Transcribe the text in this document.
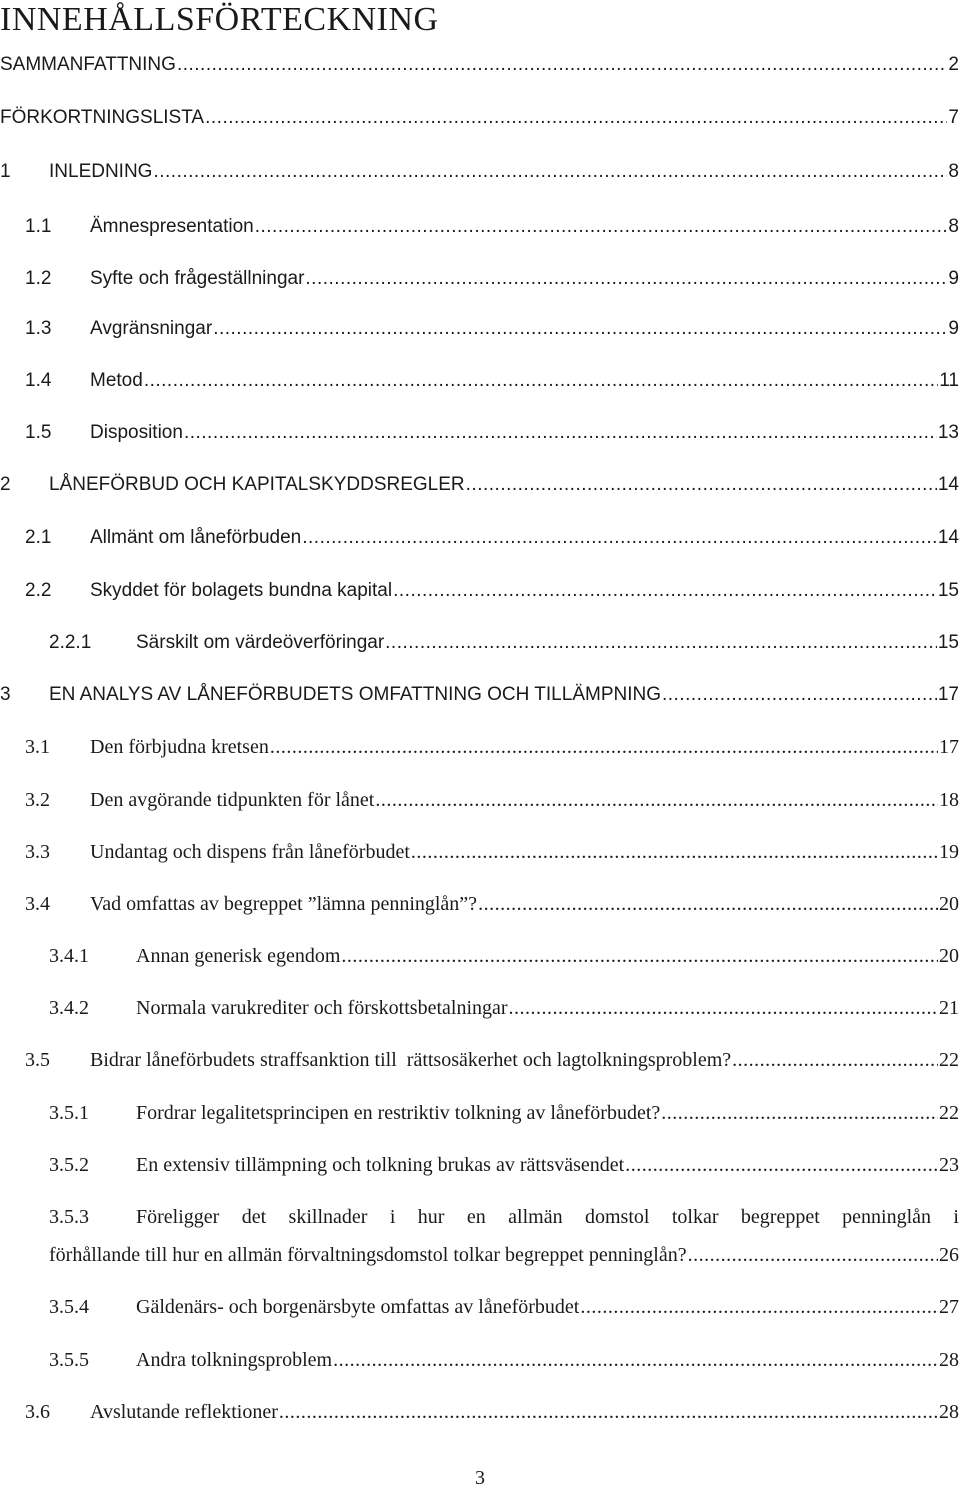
INNEHÅLLSFÖRTECKNING
SAMMANFATTNING .....	2
FÖRKORTNINGSLISTA .....	7
1 INLEDNING .....	8
1.1 Ämnespresentation .....	8
1.2 Syfte och frågeställningar .....	9
1.3 Avgränsningar .....	9
1.4 Metod .....	11
1.5 Disposition .....	13
2 LÅNEFÖRBUD OCH KAPITALSKYDDSREGLER .....	14
2.1 Allmänt om låneförbuden .....	14
2.2 Skyddet för bolagets bundna kapital .....	15
2.2.1 Särskilt om värdeöverföringar .....	15
3 EN ANALYS AV LÅNEFÖRBUDETS OMFATTNING OCH TILLÄMPNING .....	17
3.1 Den förbjudna kretsen .....	17
3.2 Den avgörande tidpunkten för lånet .....	18
3.3 Undantag och dispens från låneförbudet .....	19
3.4 Vad omfattas av begreppet ”lämna penninglån”? .....	20
3.4.1 Annan generisk egendom .....	20
3.4.2 Normala varukrediter och förskottsbetalningar .....	21
3.5 Bidrar låneförbudets straffsanktion till  rättsosäkerhet och lagtolkningsproblem? .....	22
3.5.1 Fordrar legalitetsprincipen en restriktiv tolkning av låneförbudet? .....	22
3.5.2 En extensiv tillämpning och tolkning brukas av rättsväsendet .....	23
3.5.3 Föreligger det skillnader i hur en allmän domstol tolkar begreppet penninglån i
förhållande till hur en allmän förvaltningsdomstol tolkar begreppet penninglån? .....	26
3.5.4 Gäldenärs- och borgenärsbyte omfattas av låneförbudet .....	27
3.5.5 Andra tolkningsproblem .....	28
3.6 Avslutande reflektioner .....	28
3
